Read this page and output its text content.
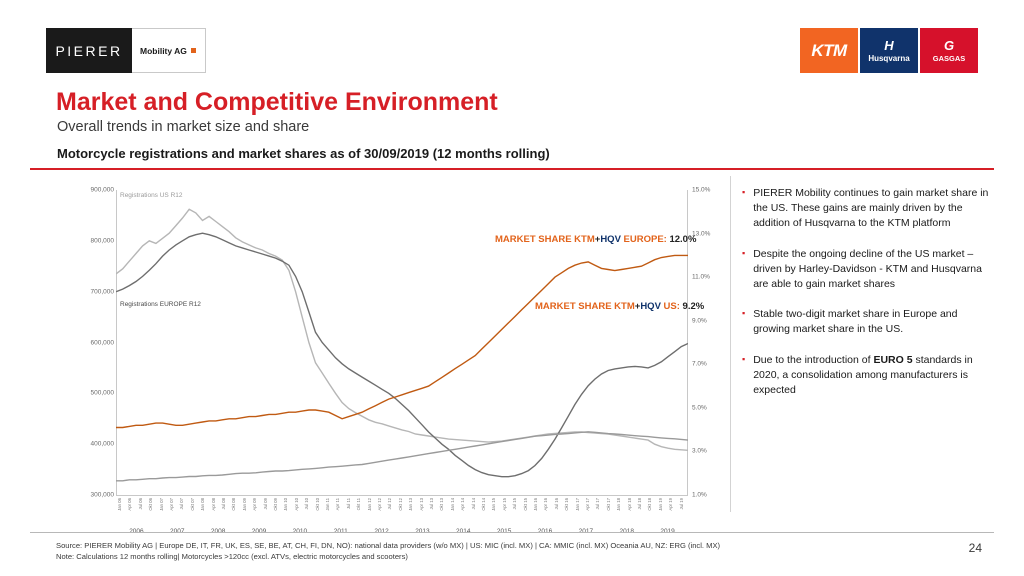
PIERER	Mobility AG	KTM	H
Husqvarna
G
GASGAS
Market and Competitive Environment
Overall trends in market size and share
Motorcycle registrations and market shares as of 30/09/2019 (12 months rolling)
300,000
400,000
500,000
600,000
700,000
800,000
900,000
1.0%
3.0%
5.0%
7.0%
9.0%
11.0%
13.0%
15.0%
Registrations US R12
Registrations EUROPE R12
MARKET SHARE KTM+HQV EUROPE: 12.0%
MARKET SHARE KTM+HQV US: 9.2%
Jan 06 Apr 06 Jul 06 Okt 06 Jan 07 Apr 07 Jul 07 Okt 07 Jan 08 Apr 08 Jul 08 Okt 08 Jan 09 Apr 09 Jul 09 Okt 09 Jan 10 Apr 10 Jul 10 Okt 10 Jan 11 Apr 11 Jul 11 Okt 11 Jan 12 Apr 12 Jul 12 Okt 12 Jan 13 Apr 13 Jul 13 Okt 13 Jan 14 Apr 14 Jul 14 Okt 14 Jan 15 Apr 15 Jul 15 Okt 15 Jan 16 Apr 16 Jul 16 Okt 16 Jan 17 Apr 17 Jul 17 Okt 17 Jan 18 Apr 18 Jul 18 Okt 18 Jan 19 Apr 19 Jul 19
▪ PIERER Mobility continues to gain market share in the US. These gains are mainly driven by the addition of Husqvarna to the KTM platform
▪ Despite the ongoing decline of the US market – driven by Harley-Davidson - KTM and Husqvarna are able to gain market shares
▪ Stable two-digit market share in Europe and growing market share in the US.
▪ Due to the introduction of EURO 5 standards in 2020, a consolidation among manufacturers is expected
Source: PIERER Mobility AG | Europe DE, IT, FR, UK, ES, SE, BE, AT, CH, FI, DN, NO): national data providers (w/o MX) | US: MIC (incl. MX) | CA: MMIC (incl. MX) Oceania AU, NZ: ERG (incl. MX)
Note: Calculations 12 months rolling| Motorcycles >120cc (excl. ATVs, electric motorcycles and scooters)
24
